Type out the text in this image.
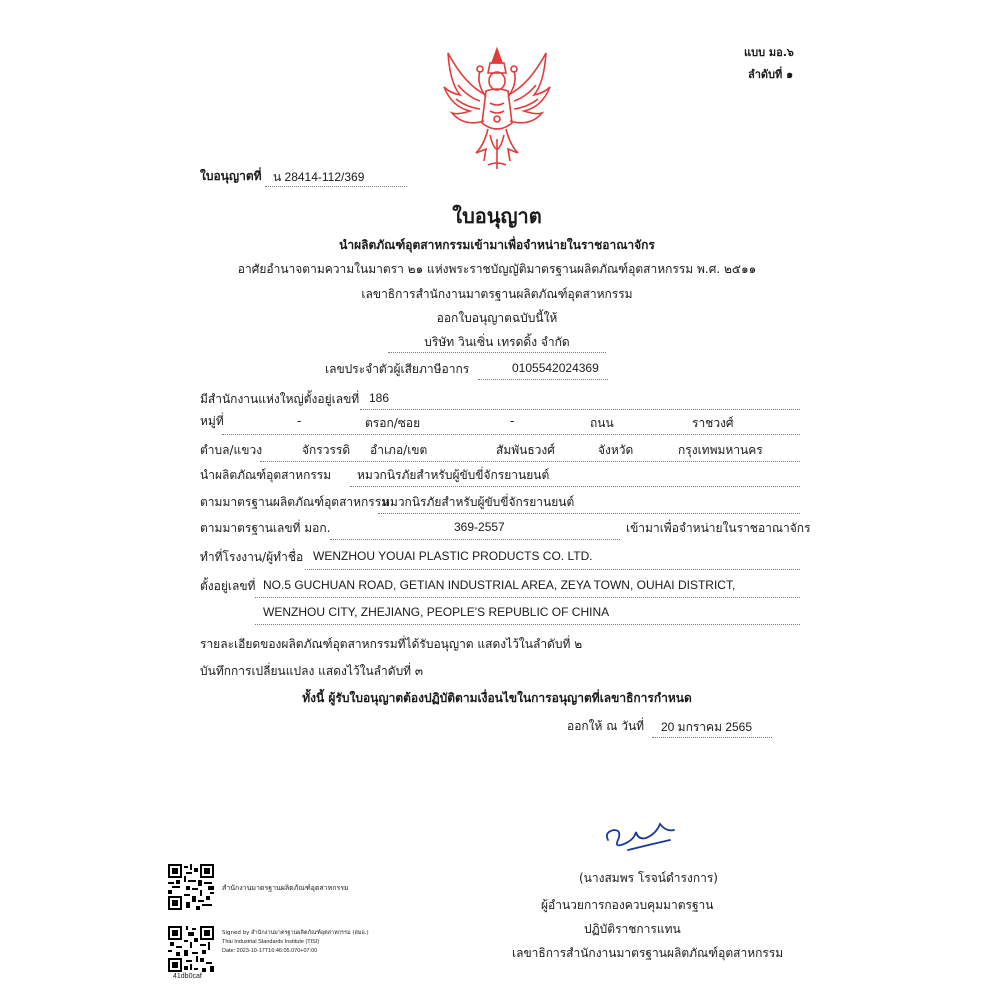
แบบ มอ.๖
ลำดับที่ ๑
ใบอนุญาตที่ น 28414-112/369
ใบอนุญาต
นำผลิตภัณฑ์อุตสาหกรรมเข้ามาเพื่อจำหน่ายในราชอาณาจักร
อาศัยอำนาจตามความในมาตรา ๒๑ แห่งพระราชบัญญัติมาตรฐานผลิตภัณฑ์อุตสาหกรรม พ.ศ. ๒๕๑๑
เลขาธิการสำนักงานมาตรฐานผลิตภัณฑ์อุตสาหกรรม
ออกใบอนุญาตฉบับนี้ให้
บริษัท วินเซิ่น เทรดดิ้ง จำกัด
เลขประจำตัวผู้เสียภาษีอากร	0105542024369
มีสำนักงานแห่งใหญ่ตั้งอยู่เลขที่ 186
หมู่ที่	-	ตรอก/ซอย	-	ถนน	ราชวงศ์
ตำบล/แขวง	จักรวรรดิ อำเภอ/เขต	สัมพันธวงศ์	จังหวัด	กรุงเทพมหานคร
นำผลิตภัณฑ์อุตสาหกรรม หมวกนิรภัยสำหรับผู้ขับขี่จักรยานยนต์
ตามมาตรฐานผลิตภัณฑ์อุตสาหกรรม
หมวกนิรภัยสำหรับผู้ขับขี่จักรยานยนต์
ตามมาตรฐานเลขที่ มอก.	369-2557	เข้ามาเพื่อจำหน่ายในราชอาณาจักร
ทำที่โรงงาน/ผู้ทำชื่อ WENZHOU YOUAI PLASTIC PRODUCTS CO. LTD.
ตั้งอยู่เลขที่ NO.5 GUCHUAN ROAD, GETIAN INDUSTRIAL AREA, ZEYA TOWN, OUHAI DISTRICT,
WENZHOU CITY, ZHEJIANG, PEOPLE'S REPUBLIC OF CHINA
รายละเอียดของผลิตภัณฑ์อุตสาหกรรมที่ได้รับอนุญาต แสดงไว้ในลำดับที่ ๒
บันทึกการเปลี่ยนแปลง แสดงไว้ในลำดับที่ ๓
ทั้งนี้ ผู้รับใบอนุญาตต้องปฏิบัติตามเงื่อนไขในการอนุญาตที่เลขาธิการกำหนด
ออกให้ ณ วันที่ 20 มกราคม 2565
(นางสมพร โรจน์ดำรงการ)
ผู้อำนวยการกองควบคุมมาตรฐาน
ปฏิบัติราชการแทน
เลขาธิการสำนักงานมาตรฐานผลิตภัณฑ์อุตสาหกรรม
สำนักงานมาตรฐานผลิตภัณฑ์อุตสาหกรรม
41db0caf
Signed by สำนักงานมาตรฐานผลิตภัณฑ์อุตสาหกรรม (สมอ.)
Thai Industrial Standards Institute (TISI)
Date: 2023-10-17T16:46:05.070+07:00
